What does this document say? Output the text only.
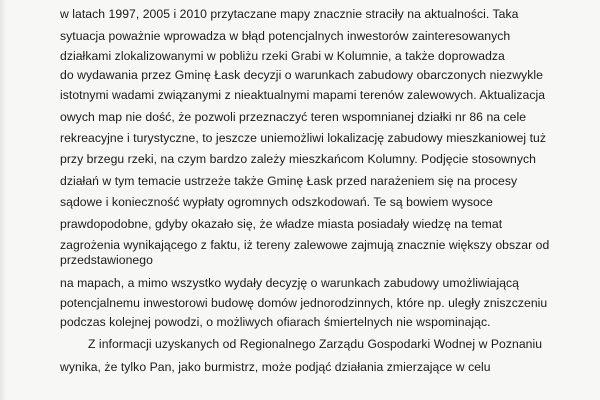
w latach 1997, 2005 i 2010 przytaczane mapy znacznie straciły na aktualności. Taka
sytuacja poważnie wprowadza w błąd potencjalnych inwestorów zainteresowanych
działkami zlokalizowanymi w pobliżu rzeki Grabi w Kolumnie, a także doprowadza
do wydawania przez Gminę Łask decyzji o warunkach zabudowy obarczonych niezwykle
istotnymi wadami związanymi z nieaktualnymi mapami terenów zalewowych. Aktualizacja
owych map nie dość, że pozwoli przeznaczyć teren wspomnianej działki nr 86 na cele
rekreacyjne i turystyczne, to jeszcze uniemożliwi lokalizację zabudowy mieszkaniowej tuż
przy brzegu rzeki, na czym bardzo zależy mieszkańcom Kolumny. Podjęcie stosownych
działań w tym temacie ustrzeże także Gminę Łask przed narażeniem się na procesy
sądowe i konieczność wypłaty ogromnych odszkodowań. Te są bowiem wysoce
prawdopodobne, gdyby okazało się, że władze miasta posiadały wiedzę na temat
zagrożenia wynikającego z faktu, iż tereny zalewowe zajmują znacznie większy obszar od
przedstawionego
na mapach, a mimo wszystko wydały decyzję o warunkach zabudowy umożliwiającą
potencjalnemu inwestorowi budowę domów jednorodzinnych, które np. uległy zniszczeniu
podczas kolejnej powodzi, o możliwych ofiarach śmiertelnych nie wspominając.
Z informacji uzyskanych od Regionalnego Zarządu Gospodarki Wodnej w Poznaniu
wynika, że tylko Pan, jako burmistrz, może podjąć działania zmierzające w celu
